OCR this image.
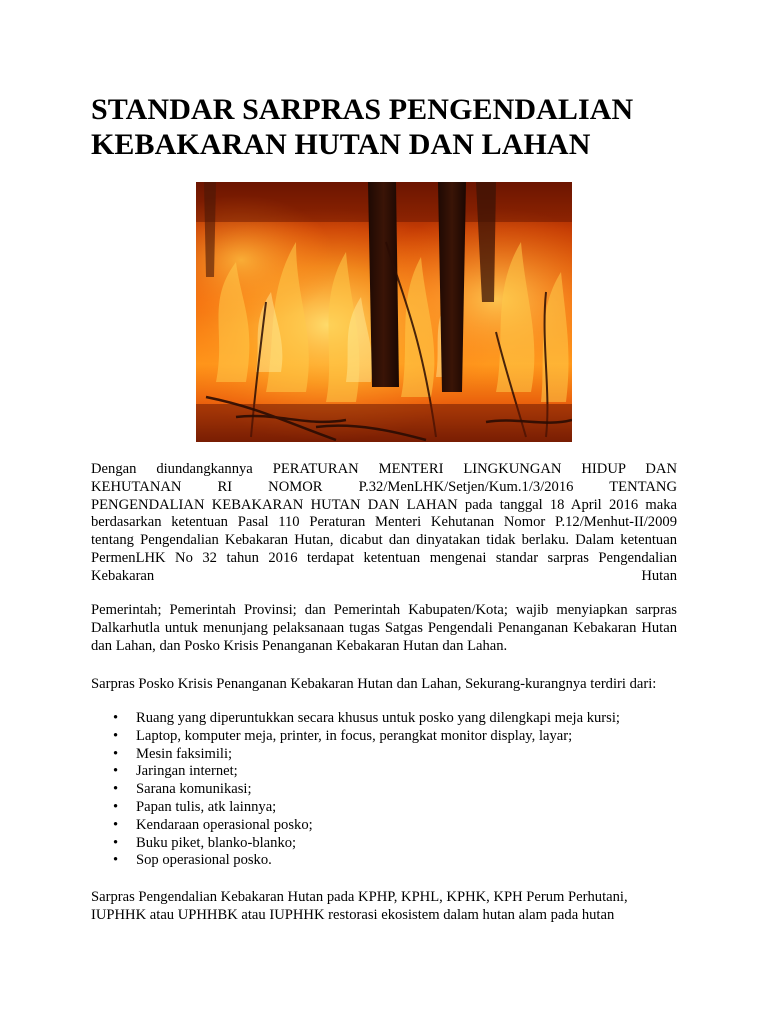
STANDAR SARPRAS PENGENDALIAN
KEBAKARAN HUTAN DAN LAHAN
Dengan diundangkannya PERATURAN MENTERI LINGKUNGAN HIDUP DAN
KEHUTANAN RI NOMOR P.32/MenLHK/Setjen/Kum.1/3/2016 TENTANG
PENGENDALIAN KEBAKARAN HUTAN DAN LAHAN pada tanggal 18 April 2016 maka
berdasarkan ketentuan Pasal 110 Peraturan Menteri Kehutanan Nomor P.12/Menhut-II/2009
tentang Pengendalian Kebakaran Hutan, dicabut dan dinyatakan tidak berlaku. Dalam ketentuan
PermenLHK No 32 tahun 2016 terdapat ketentuan mengenai standar sarpras Pengendalian
Kebakaran Hutan

Pemerintah; Pemerintah Provinsi; dan Pemerintah Kabupaten/Kota; wajib menyiapkan sarpras Dalkarhutla untuk menunjang pelaksanaan tugas Satgas Pengendali Penanganan Kebakaran Hutan dan Lahan, dan Posko Krisis Penanganan Kebakaran Hutan dan Lahan.

Sarpras Posko Krisis Penanganan Kebakaran Hutan dan Lahan, Sekurang-kurangnya terdiri dari:

• Ruang yang diperuntukkan secara khusus untuk posko yang dilengkapi meja kursi;
• Laptop, komputer meja, printer, in focus, perangkat monitor display, layar;
• Mesin faksimili;
• Jaringan internet;
• Sarana komunikasi;
• Papan tulis, atk lainnya;
• Kendaraan operasional posko;
• Buku piket, blanko-blanko;
• Sop operasional posko.
Sarpras Pengendalian Kebakaran Hutan pada KPHP, KPHL, KPHK, KPH Perum Perhutani,
IUPHHK atau UPHHBK atau IUPHHK restorasi ekosistem dalam hutan alam pada hutan
